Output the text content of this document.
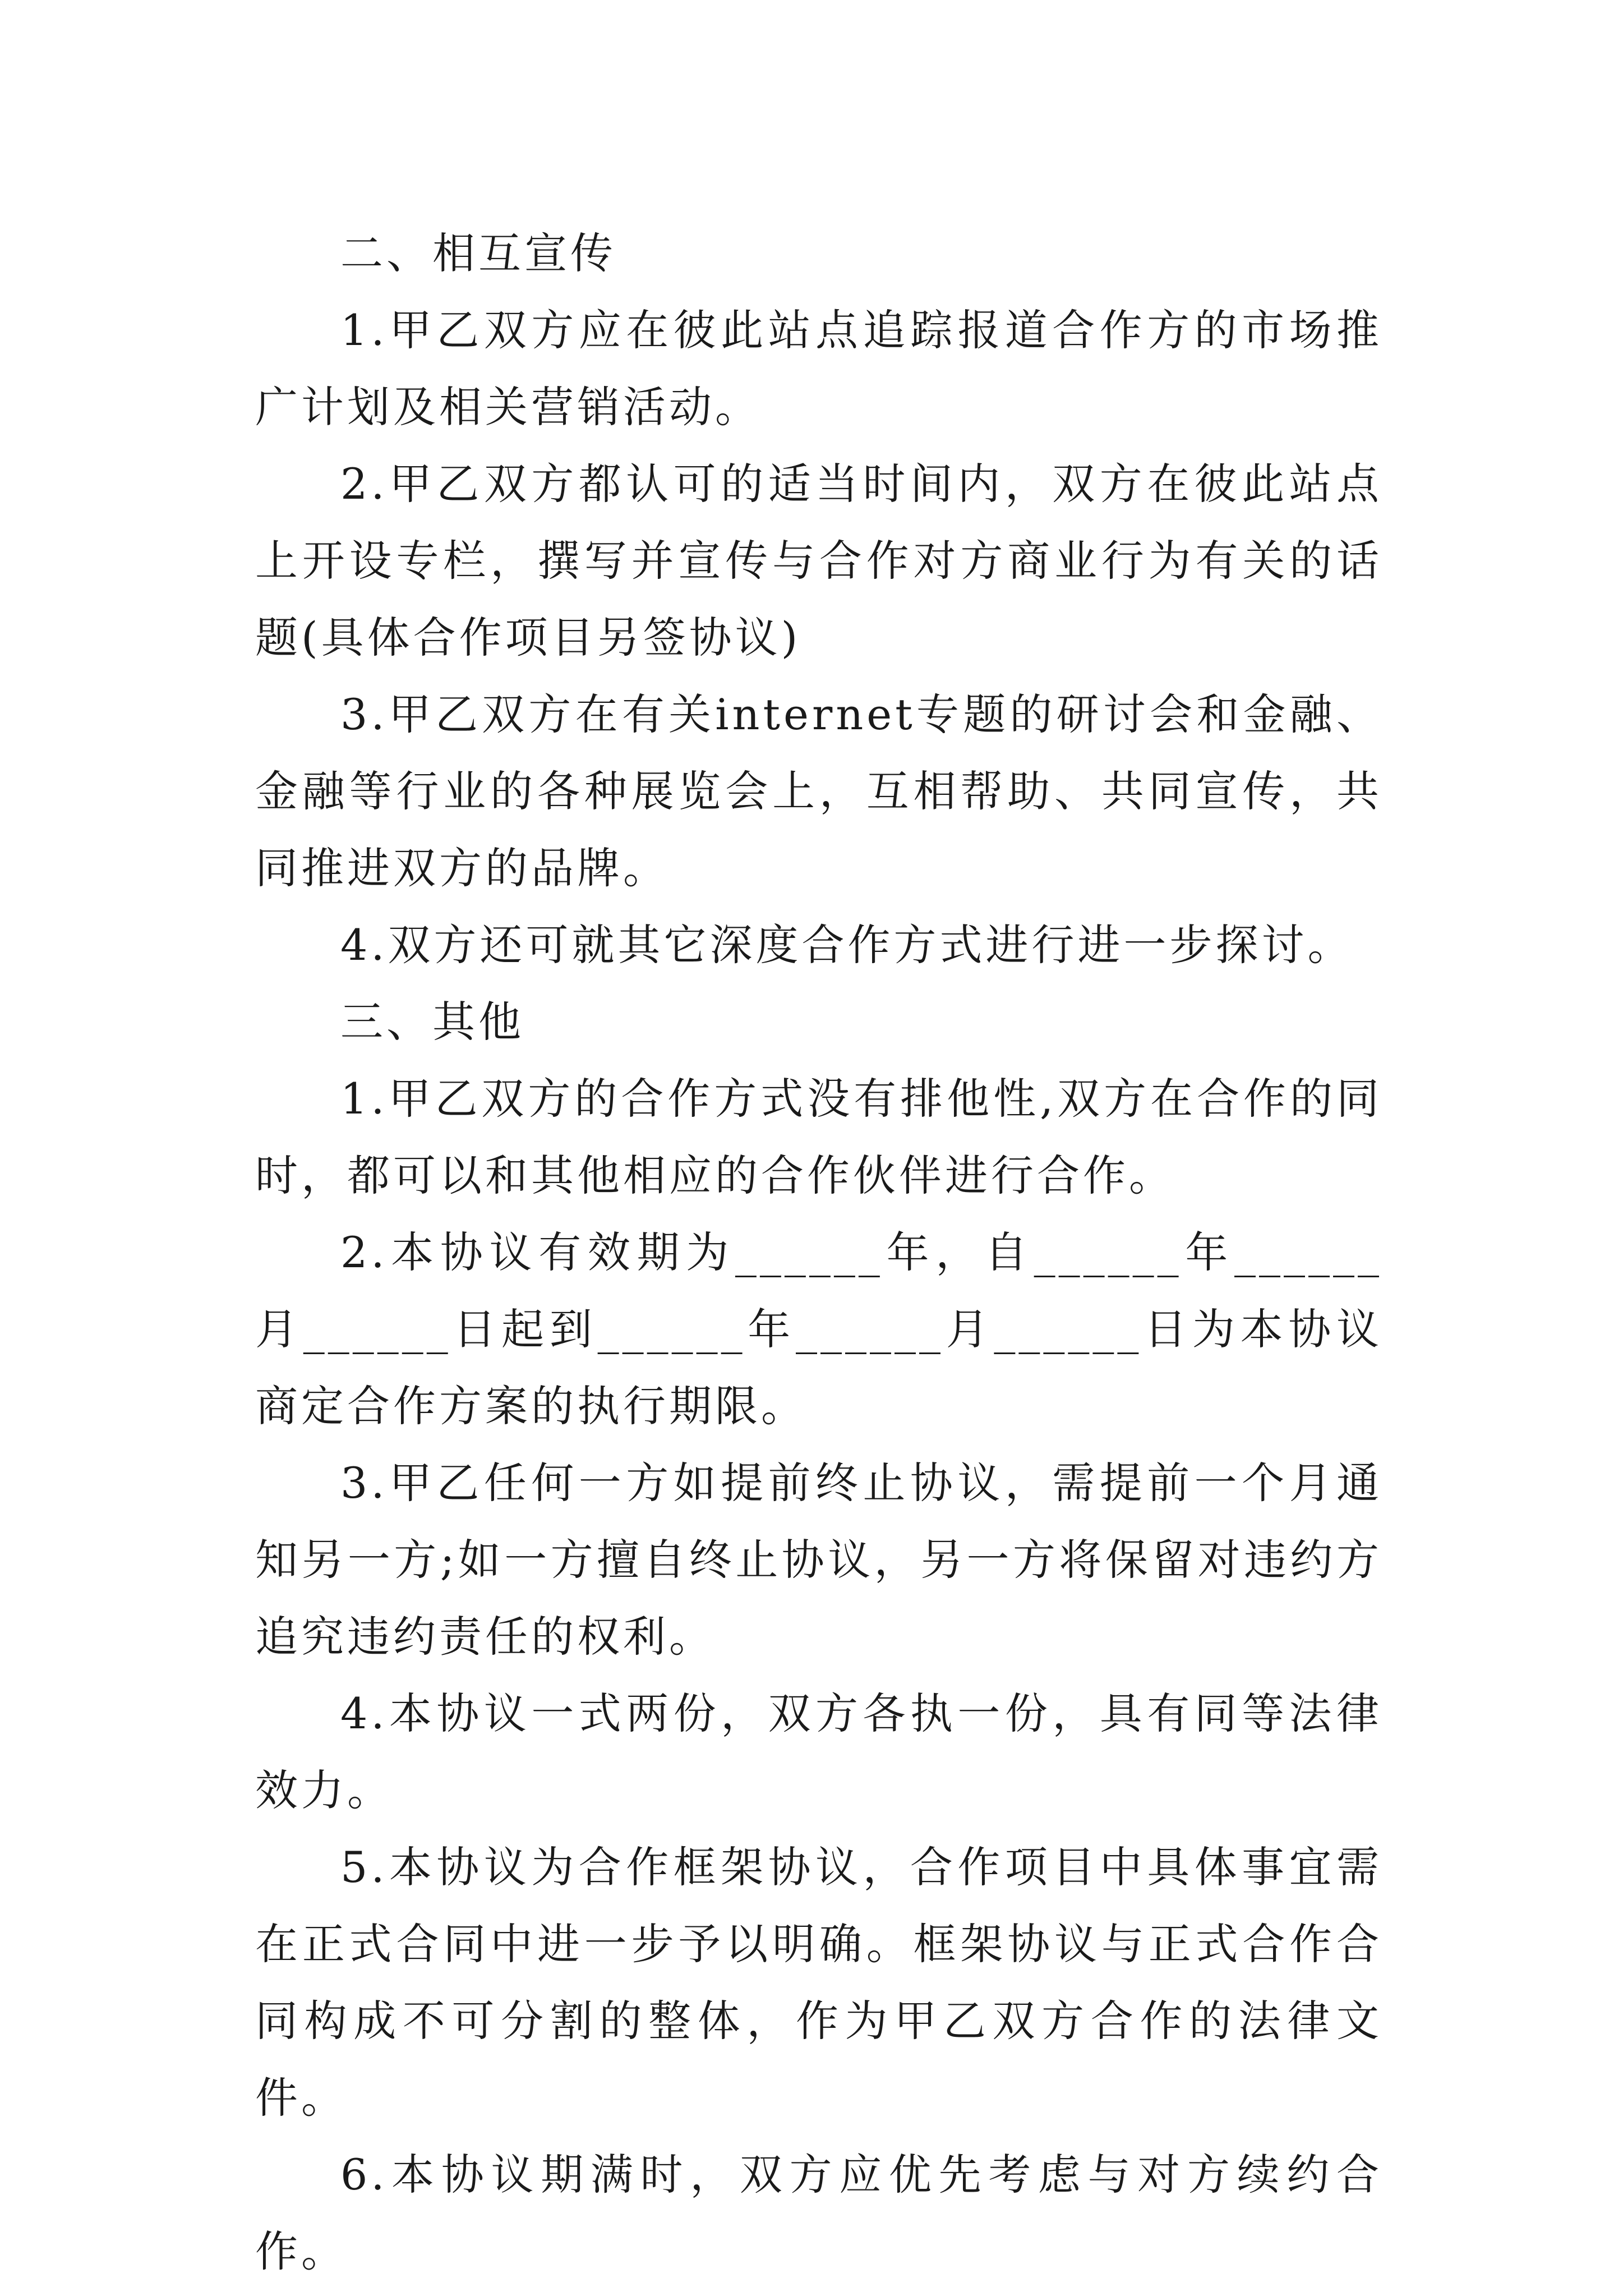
二、相互宣传

1.甲乙双方应在彼此站点追踪报道合作方的市场推广计划及相关营销活动。

2.甲乙双方都认可的适当时间内，双方在彼此站点上开设专栏，撰写并宣传与合作对方商业行为有关的话题(具体合作项目另签协议)

3.甲乙双方在有关internet专题的研讨会和金融、金融等行业的各种展览会上，互相帮助、共同宣传，共同推进双方的品牌。

4.双方还可就其它深度合作方式进行进一步探讨。

三、其他

1.甲乙双方的合作方式没有排他性,双方在合作的同时，都可以和其他相应的合作伙伴进行合作。

2.本协议有效期为______年，自______年______月______日起到______年______月______日为本协议商定合作方案的执行期限。

3.甲乙任何一方如提前终止协议，需提前一个月通知另一方;如一方擅自终止协议，另一方将保留对违约方追究违约责任的权利。

4.本协议一式两份，双方各执一份，具有同等法律效力。

5.本协议为合作框架协议，合作项目中具体事宜需在正式合同中进一步予以明确。框架协议与正式合作合同构成不可分割的整体，作为甲乙双方合作的法律文件。

6.本协议期满时，双方应优先考虑与对方续约合作。
